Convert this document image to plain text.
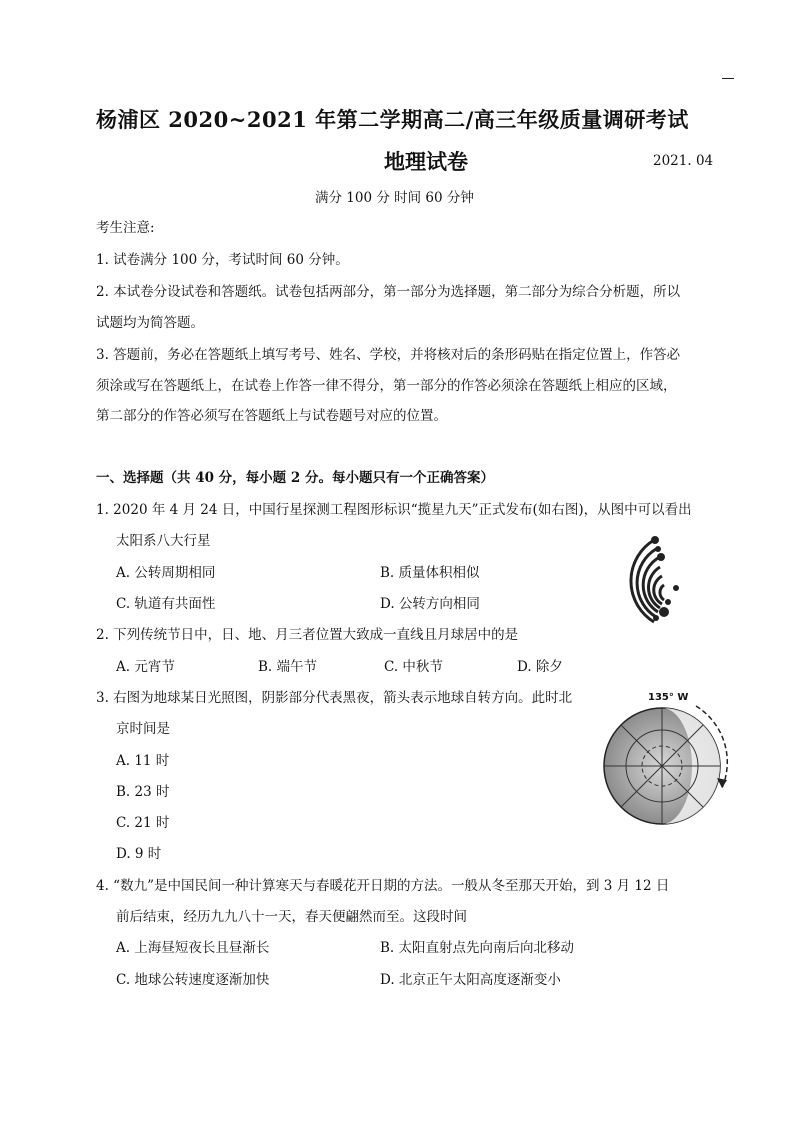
杨浦区 2020~2021 年第二学期高二/高三年级质量调研考试
地理试卷	2021. 04
满分 100 分 时间 60 分钟
考生注意:
1. 试卷满分 100 分，考试时间 60 分钟。
2. 本试卷分设试卷和答题纸。试卷包括两部分，第一部分为选择题，第二部分为综合分析题，所以
试题均为简答题。
3. 答题前，务必在答题纸上填写考号、姓名、学校，并将核对后的条形码贴在指定位置上，作答必
须涂或写在答题纸上，在试卷上作答一律不得分，第一部分的作答必须涂在答题纸上相应的区域，
第二部分的作答必须写在答题纸上与试卷题号对应的位置。
一、选择题（共 40 分，每小题 2 分。每小题只有一个正确答案）
1. 2020 年 4 月 24 日，中国行星探测工程图形标识“揽星九天”正式发布(如右图)，从图中可以看出
太阳系八大行星
A. 公转周期相同	B. 质量体积相似
C. 轨道有共面性	D. 公转方向相同
2. 下列传统节日中，日、地、月三者位置大致成一直线且月球居中的是
A. 元宵节	B. 端午节	C. 中秋节	D. 除夕
3. 右图为地球某日光照图，阴影部分代表黑夜，箭头表示地球自转方向。此时北
京时间是
A. 11 时
B. 23 时
C. 21 时
D. 9 时
135° W
4. “数九”是中国民间一种计算寒天与春暖花开日期的方法。一般从冬至那天开始，到 3 月 12 日
前后结束，经历九九八十一天，春天便翩然而至。这段时间
A. 上海昼短夜长且昼渐长	B. 太阳直射点先向南后向北移动
C. 地球公转速度逐渐加快	D. 北京正午太阳高度逐渐变小
